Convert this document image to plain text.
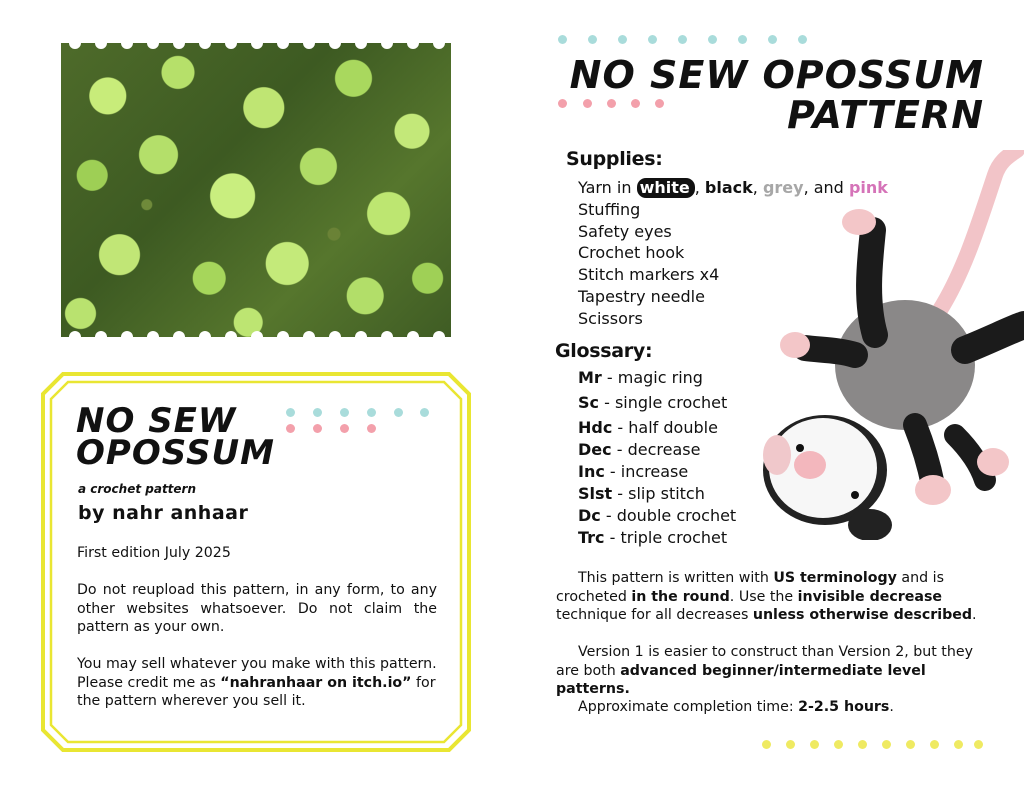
NO SEW
OPOSSUM
a crochet pattern
by nahr anhaar
First edition July 2025
Do not reupload this pattern, in any form, to any other websites whatsoever. Do not claim the pattern as your own.
You may sell whatever you make with this pattern. Please credit me as “nahranhaar on itch.io” for the pattern wherever you sell it.
NO SEW OPOSSUM
PATTERN
Supplies:
Yarn in white , black, grey, and pink
Stuffing
Safety eyes
Crochet hook
Stitch markers x4
Tapestry needle
Scissors
Glossary:
Mr - magic ring
Sc - single crochet
Hdc - half double
Dec - decrease
Inc - increase
Slst - slip stitch
Dc - double crochet
Trc - triple crochet
This pattern is written with US terminology and is crocheted in the round. Use the invisible decrease technique for all decreases unless otherwise described.
Version 1 is easier to construct than Version 2, but they are both advanced beginner/intermediate level patterns.
Approximate completion time: 2-2.5 hours.
